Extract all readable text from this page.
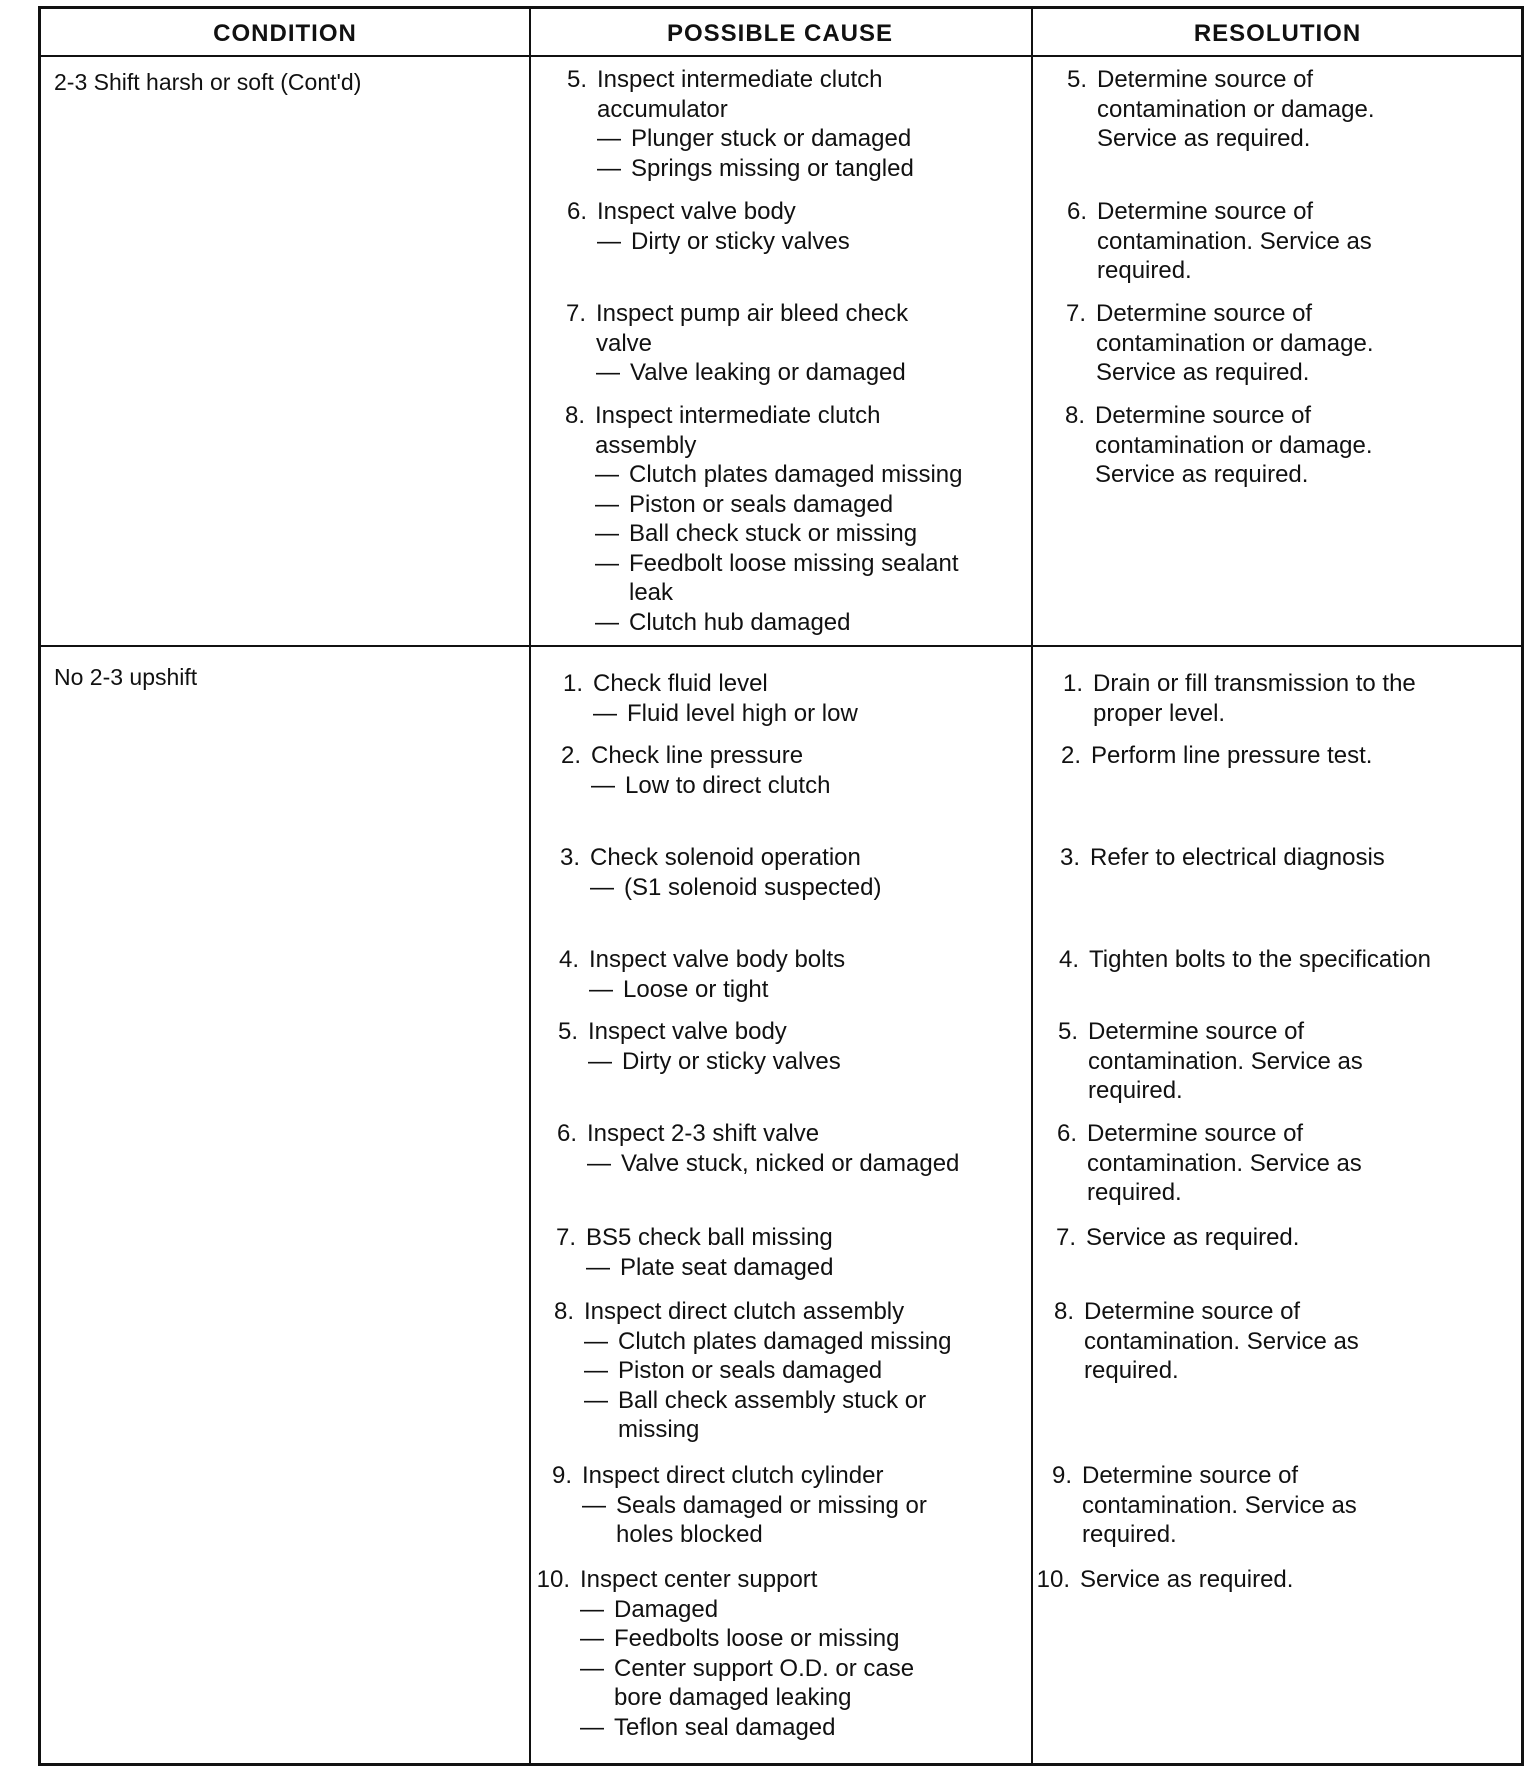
CONDITION	POSSIBLE CAUSE	RESOLUTION
2-3 Shift harsh or soft (Cont'd)
No 2-3 upshift
5. Inspect intermediate clutch
accumulator
— Plunger stuck or damaged
— Springs missing or tangled
5. Determine source of
contamination or damage.
Service as required.
6. Inspect valve body
— Dirty or sticky valves
6. Determine source of
contamination. Service as
required.
7. Inspect pump air bleed check
valve
— Valve leaking or damaged
7. Determine source of
contamination or damage.
Service as required.
8. Inspect intermediate clutch
assembly
— Clutch plates damaged missing
— Piston or seals damaged
— Ball check stuck or missing
— Feedbolt loose missing sealant
leak
— Clutch hub damaged
8. Determine source of
contamination or damage.
Service as required.
1. Check fluid level
— Fluid level high or low
1. Drain or fill transmission to the
proper level.
2. Check line pressure
— Low to direct clutch
2. Perform line pressure test.
3. Check solenoid operation
— (S1 solenoid suspected)
3. Refer to electrical diagnosis
4. Inspect valve body bolts
— Loose or tight
4. Tighten bolts to the specification
5. Inspect valve body
— Dirty or sticky valves
5. Determine source of
contamination. Service as
required.
6. Inspect 2-3 shift valve
— Valve stuck, nicked or damaged
6. Determine source of
contamination. Service as
required.
7. BS5 check ball missing
— Plate seat damaged
7. Service as required.
8. Inspect direct clutch assembly
— Clutch plates damaged missing
— Piston or seals damaged
— Ball check assembly stuck or
missing
8. Determine source of
contamination. Service as
required.
9. Inspect direct clutch cylinder
— Seals damaged or missing or
holes blocked
9. Determine source of
contamination. Service as
required.
10. Inspect center support
— Damaged
— Feedbolts loose or missing
— Center support O.D. or case
bore damaged leaking
— Teflon seal damaged
10. Service as required.
